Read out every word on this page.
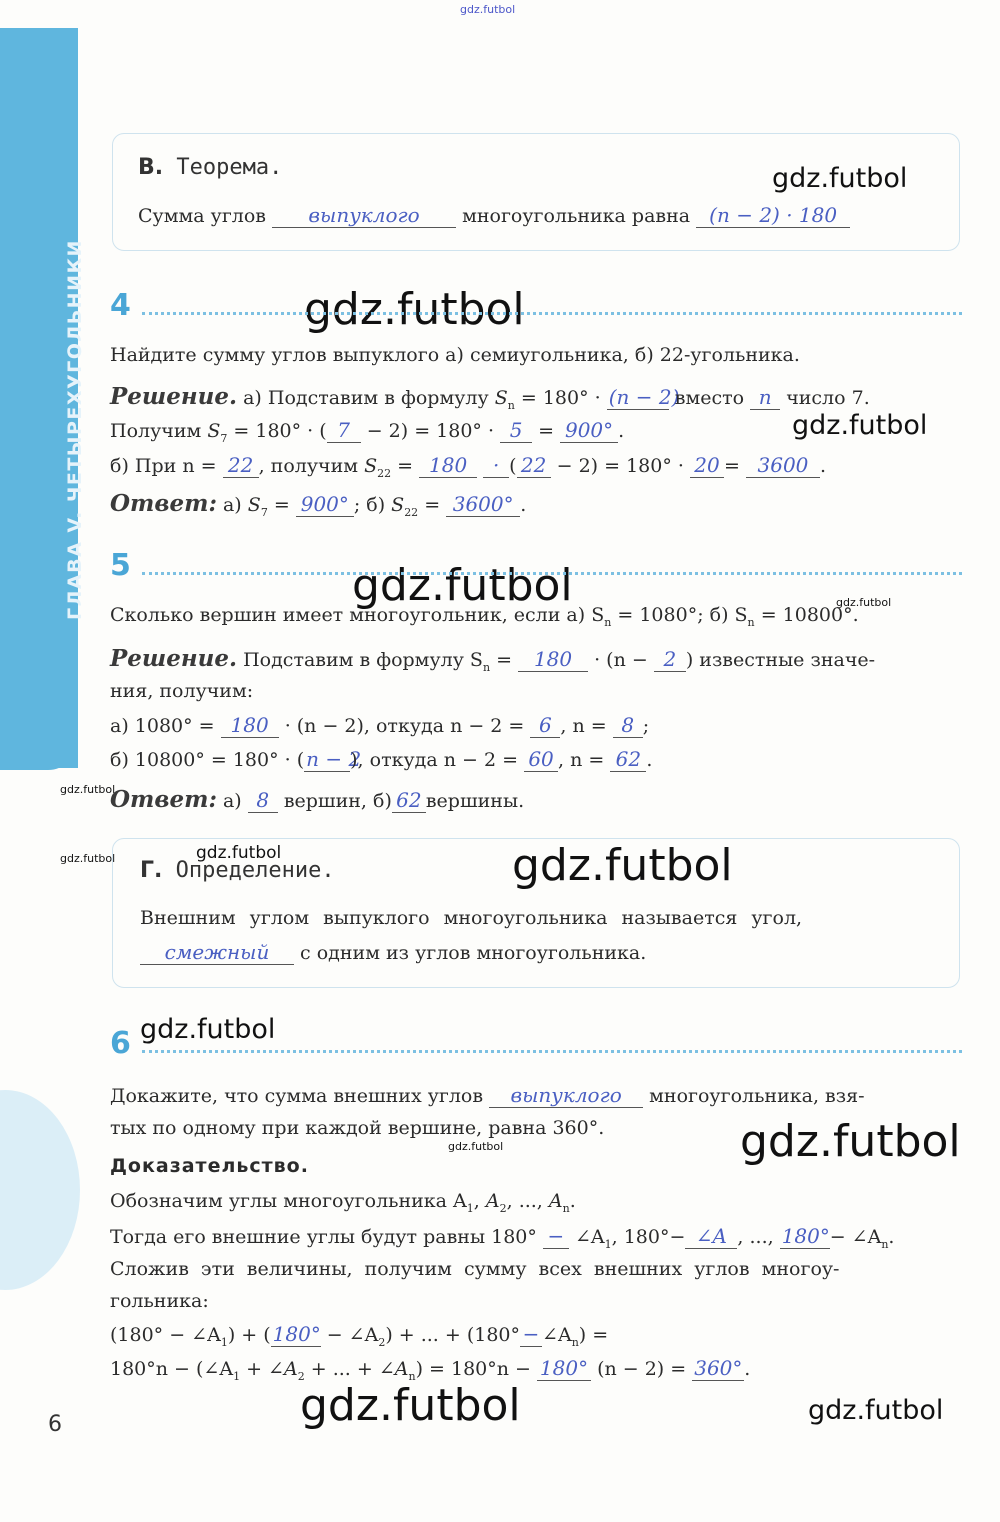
ГЛАВА V. ЧЕТЫРЕХУГОЛЬНИКИ
gdz.futbol
gdz.futbol
gdz.futbol
gdz.futbol
gdz.futbol	gdz.futbol
gdz.futbol
gdz.futbol	gdz.futbol	gdz.futbol
gdz.futbol
gdz.futbol
gdz.futbol
gdz.futbol	gdz.futbol
В. Теорема.
Сумма углов выпуклого многоугольника равна (n − 2) · 180
4
Найдите сумму углов выпуклого а) семиугольника, б) 22-угольника.
Решение. а) Подставим в формулу $S_n = 180^\circ \cdot (n - 2)$ вместо n число 7.
Получим $S_7 = 180^\circ$ · ( 7 − 2) = 180° · 5 = 900° .
б) При n = 22 , получим $S_{22} = 180$ · ( 22 − 2) = 180° · 20 = 3600 .
Ответ: а) $S_7 = 900^\circ$ ; б) $S_{22} = 3600^\circ$ .
5
Сколько вершин имеет многоугольник, если а) $S_n = 1080^\circ$; б) $S_n = 10800^\circ$.
Решение. Подставим в формулу $S_n = 180 \cdot (n - 2$ ) известные значе-
ния, получим:
а) 1080° = 180 · (n − 2), откуда n − 2 = 6 , n = 8 ;
б) 10800° = 180° · ( n − 2), откуда n − 2 = 60 , n = 62 .
Ответ: а) 8 вершин, б) 62 вершины.
Г. Определение.
Внешним углом выпуклого многоугольника называется угол,
смежный с одним из углов многоугольника.
6
Докажите, что сумма внешних углов выпуклого многоугольника, взя-
тых по одному при каждой вершине, равна 360°.
Доказательство.
Обозначим углы многоугольника $A_1$, $A_2$, ..., $A_n$.
Тогда его внешние углы будут равны $180^\circ - \angle A_1$, 180°− ∠A , ..., $180^\circ- \angle A_n$.
Сложив эти величины, получим сумму всех внешних углов многоу-
гольника:
$(180^\circ - \angle A_1)$ + ( $180^\circ - \angle A_2$) + ... + $(180^\circ - \angle A_n)$ =
$180^\circ n - (\angle A_1$ + $\angle A_2$ + ... + $\angle A_n) = 180^\circ n - 180^\circ$ (n − 2) = 360°.
6
